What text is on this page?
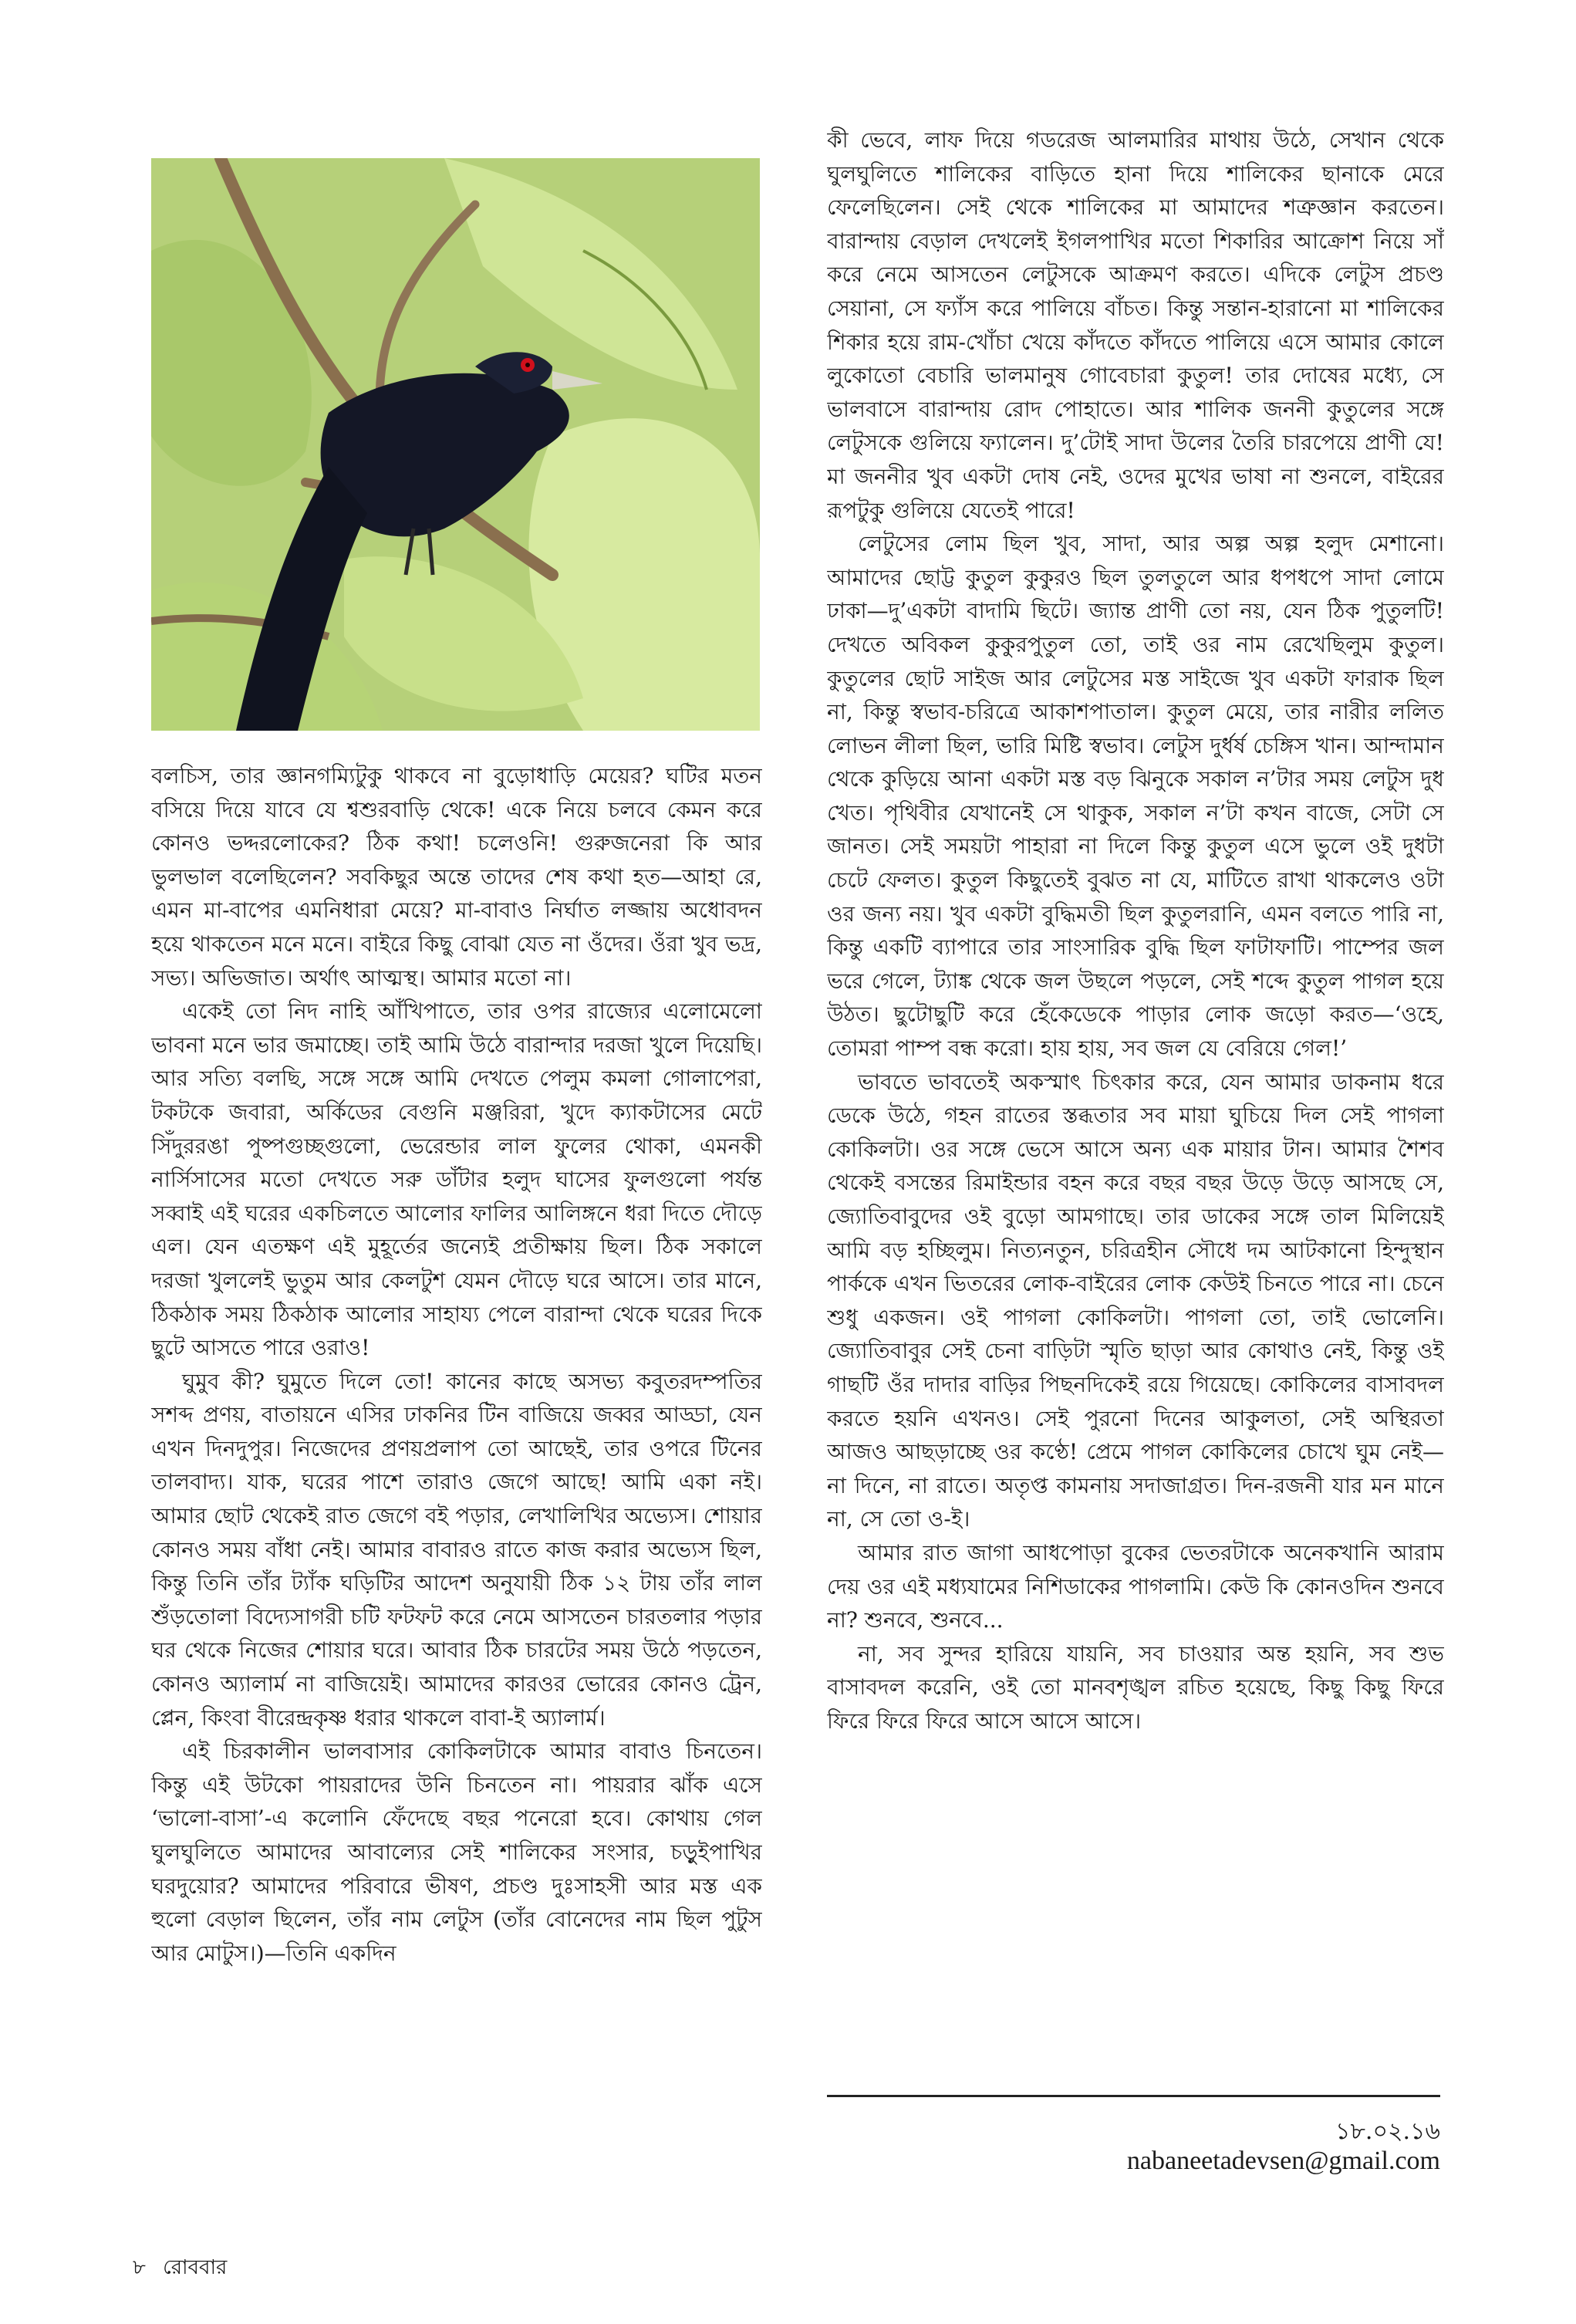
বলচিস, তার জ্ঞানগম্যিটুকু থাকবে না বুড়োধাড়ি মেয়ের? ঘটির মতন বসিয়ে দিয়ে যাবে যে শ্বশুরবাড়ি থেকে! একে নিয়ে চলবে কেমন করে কোনও ভদ্দরলোকের? ঠিক কথা! চলেওনি! গুরুজনেরা কি আর ভুলভাল বলেছিলেন? সবকিছুর অন্তে তাদের শেষ কথা হত—আহা রে, এমন মা-বাপের এমনিধারা মেয়ে? মা-বাবাও নির্ঘাত লজ্জায় অধোবদন হয়ে থাকতেন মনে মনে। বাইরে কিছু বোঝা যেত না ওঁদের। ওঁরা খুব ভদ্র, সভ্য। অভিজাত। অর্থাৎ আত্মস্থ। আমার মতো না।

একেই তো নিদ নাহি আঁখিপাতে, তার ওপর রাজ্যের এলোমেলো ভাবনা মনে ভার জমাচ্ছে। তাই আমি উঠে বারান্দার দরজা খুলে দিয়েছি। আর সত্যি বলছি, সঙ্গে সঙ্গে আমি দেখতে পেলুম কমলা গোলাপেরা, টকটকে জবারা, অর্কিডের বেগুনি মঞ্জরিরা, খুদে ক্যাকটাসের মেটে সিঁদুররঙা পুষ্পগুচ্ছগুলো, ভেরেন্ডার লাল ফুলের থোকা, এমনকী নার্সিসাসের মতো দেখতে সরু ডাঁটার হলুদ ঘাসের ফুলগুলো পর্যন্ত সব্বাই এই ঘরের একচিলতে আলোর ফালির আলিঙ্গনে ধরা দিতে দৌড়ে এল। যেন এতক্ষণ এই মুহূর্তের জন্যেই প্রতীক্ষায় ছিল। ঠিক সকালে দরজা খুললেই ভুতুম আর কেলটুশ যেমন দৌড়ে ঘরে আসে। তার মানে, ঠিকঠাক সময় ঠিকঠাক আলোর সাহায্য পেলে বারান্দা থেকে ঘরের দিকে ছুটে আসতে পারে ওরাও!

ঘুমুব কী? ঘুমুতে দিলে তো! কানের কাছে অসভ্য কবুতরদম্পতির সশব্দ প্রণয়, বাতায়নে এসির ঢাকনির টিন বাজিয়ে জব্বর আড্ডা, যেন এখন দিনদুপুর। নিজেদের প্রণয়প্রলাপ তো আছেই, তার ওপরে টিনের তালবাদ্য। যাক, ঘরের পাশে তারাও জেগে আছে! আমি একা নই। আমার ছোট থেকেই রাত জেগে বই পড়ার, লেখালিখির অভ্যেস। শোয়ার কোনও সময় বাঁধা নেই। আমার বাবারও রাতে কাজ করার অভ্যেস ছিল, কিন্তু তিনি তাঁর ট্যাঁক ঘড়িটির আদেশ অনুযায়ী ঠিক ১২ টায় তাঁর লাল শুঁড়তোলা বিদ্যেসাগরী চটি ফটফট করে নেমে আসতেন চারতলার পড়ার ঘর থেকে নিজের শোয়ার ঘরে। আবার ঠিক চারটের সময় উঠে পড়তেন, কোনও অ্যালার্ম না বাজিয়েই। আমাদের কারওর ভোরের কোনও ট্রেন, প্লেন, কিংবা বীরেন্দ্রকৃষ্ণ ধরার থাকলে বাবা-ই অ্যালার্ম।

এই চিরকালীন ভালবাসার কোকিলটাকে আমার বাবাও চিনতেন। কিন্তু এই উটকো পায়রাদের উনি চিনতেন না। পায়রার ঝাঁক এসে ‘ভালো-বাসা’-এ কলোনি ফেঁদেছে বছর পনেরো হবে। কোথায় গেল ঘুলঘুলিতে আমাদের আবাল্যের সেই শালিকের সংসার, চড়ুইপাখির ঘরদুয়োর? আমাদের পরিবারে ভীষণ, প্রচণ্ড দুঃসাহসী আর মস্ত এক হুলো বেড়াল ছিলেন, তাঁর নাম লেটুস (তাঁর বোনেদের নাম ছিল পুটুস আর মোটুস।)—তিনি একদিন

কী ভেবে, লাফ দিয়ে গডরেজ আলমারির মাথায় উঠে, সেখান থেকে ঘুলঘুলিতে শালিকের বাড়িতে হানা দিয়ে শালিকের ছানাকে মেরে ফেলেছিলেন। সেই থেকে শালিকের মা আমাদের শত্রুজ্ঞান করতেন। বারান্দায় বেড়াল দেখলেই ইগলপাখির মতো শিকারির আক্রোশ নিয়ে সাঁ করে নেমে আসতেন লেটুসকে আক্রমণ করতে। এদিকে লেটুস প্রচণ্ড সেয়ানা, সে ফ্যাঁস করে পালিয়ে বাঁচত। কিন্তু সন্তান-হারানো মা শালিকের শিকার হয়ে রাম-খোঁচা খেয়ে কাঁদতে কাঁদতে পালিয়ে এসে আমার কোলে লুকোতো বেচারি ভালমানুষ গোবেচারা কুতুল! তার দোষের মধ্যে, সে ভালবাসে বারান্দায় রোদ পোহাতে। আর শালিক জননী কুতুলের সঙ্গে লেটুসকে গুলিয়ে ফ্যালেন। দু’টোই সাদা উলের তৈরি চারপেয়ে প্রাণী যে! মা জননীর খুব একটা দোষ নেই, ওদের মুখের ভাষা না শুনলে, বাইরের রূপটুকু গুলিয়ে যেতেই পারে!

লেটুসের লোম ছিল খুব, সাদা, আর অল্প অল্প হলুদ মেশানো। আমাদের ছোট্ট কুতুল কুকুরও ছিল তুলতুলে আর ধপধপে সাদা লোমে ঢাকা—দু’একটা বাদামি ছিটে। জ্যান্ত প্রাণী তো নয়, যেন ঠিক পুতুলটি! দেখতে অবিকল কুকুরপুতুল তো, তাই ওর নাম রেখেছিলুম কুতুল। কুতুলের ছোট সাইজ আর লেটুসের মস্ত সাইজে খুব একটা ফারাক ছিল না, কিন্তু স্বভাব-চরিত্রে আকাশপাতাল। কুতুল মেয়ে, তার নারীর ললিত লোভন লীলা ছিল, ভারি মিষ্টি স্বভাব। লেটুস দুর্ধর্ষ চেঙ্গিস খান। আন্দামান থেকে কুড়িয়ে আনা একটা মস্ত বড় ঝিনুকে সকাল ন’টার সময় লেটুস দুধ খেত। পৃথিবীর যেখানেই সে থাকুক, সকাল ন’টা কখন বাজে, সেটা সে জানত। সেই সময়টা পাহারা না দিলে কিন্তু কুতুল এসে ভুলে ওই দুধটা চেটে ফেলত। কুতুল কিছুতেই বুঝত না যে, মাটিতে রাখা থাকলেও ওটা ওর জন্য নয়। খুব একটা বুদ্ধিমতী ছিল কুতুলরানি, এমন বলতে পারি না, কিন্তু একটি ব্যাপারে তার সাংসারিক বুদ্ধি ছিল ফাটাফাটি। পাম্পের জল ভরে গেলে, ট্যাঙ্ক থেকে জল উছলে পড়লে, সেই শব্দে কুতুল পাগল হয়ে উঠত। ছুটোছুটি করে হেঁকেডেকে পাড়ার লোক জড়ো করত—‘ওহে, তোমরা পাম্প বন্ধ করো। হায় হায়, সব জল যে বেরিয়ে গেল!’

ভাবতে ভাবতেই অকস্মাৎ চিৎকার করে, যেন আমার ডাকনাম ধরে ডেকে উঠে, গহন রাতের স্তব্ধতার সব মায়া ঘুচিয়ে দিল সেই পাগলা কোকিলটা। ওর সঙ্গে ভেসে আসে অন্য এক মায়ার টান। আমার শৈশব থেকেই বসন্তের রিমাইন্ডার বহন করে বছর বছর উড়ে উড়ে আসছে সে, জ্যোতিবাবুদের ওই বুড়ো আমগাছে। তার ডাকের সঙ্গে তাল মিলিয়েই আমি বড় হচ্ছিলুম। নিত্যনতুন, চরিত্রহীন সৌধে দম আটকানো হিন্দুস্থান পার্ককে এখন ভিতরের লোক-বাইরের লোক কেউই চিনতে পারে না। চেনে শুধু একজন। ওই পাগলা কোকিলটা। পাগলা তো, তাই ভোলেনি। জ্যোতিবাবুর সেই চেনা বাড়িটা স্মৃতি ছাড়া আর কোথাও নেই, কিন্তু ওই গাছটি ওঁর দাদার বাড়ির পিছনদিকেই রয়ে গিয়েছে। কোকিলের বাসাবদল করতে হয়নি এখনও। সেই পুরনো দিনের আকুলতা, সেই অস্থিরতা আজও আছড়াচ্ছে ওর কণ্ঠে! প্রেমে পাগল কোকিলের চোখে ঘুম নেই—না দিনে, না রাতে। অতৃপ্ত কামনায় সদাজাগ্রত। দিন-রজনী যার মন মানে না, সে তো ও-ই।

আমার রাত জাগা আধপোড়া বুকের ভেতরটাকে অনেকখানি আরাম দেয় ওর এই মধ্যযামের নিশিডাকের পাগলামি। কেউ কি কোনওদিন শুনবে না? শুনবে, শুনবে...

না, সব সুন্দর হারিয়ে যায়নি, সব চাওয়ার অন্ত হয়নি, সব শুভ বাসাবদল করেনি, ওই তো মানবশৃঙ্খল রচিত হয়েছে, কিছু কিছু ফিরে ফিরে ফিরে ফিরে আসে আসে আসে।

১৮.০২.১৬
nabaneetadevsen@gmail.com
৮ রোববার
